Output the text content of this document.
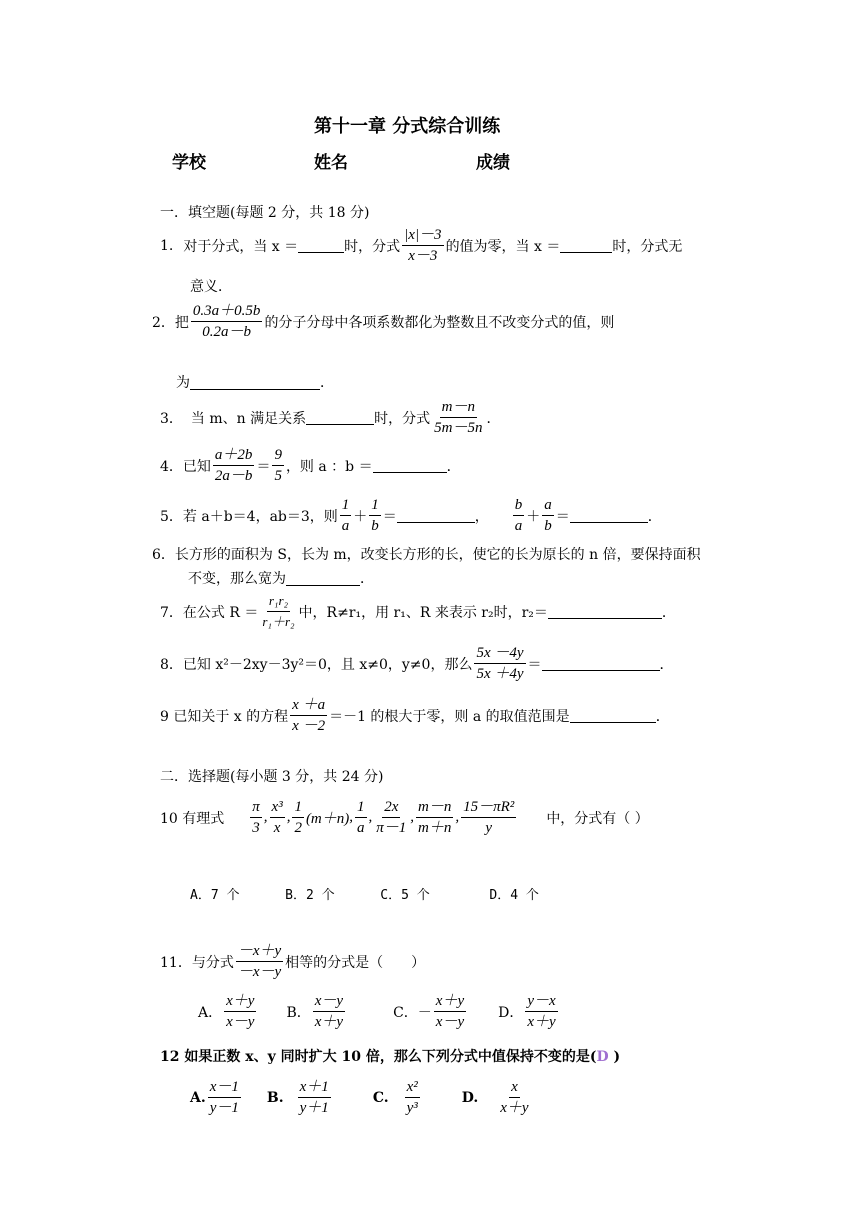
第十一章 分式综合训练
学校	姓名	成绩
一．填空题(每题 2 分，共 18 分)
1. 对于分式，当 x ＝	时，分式 $\frac{|x|-3}{x-3}$ 的值为零，当 x ＝	时，分式无
意义．
2．把 $\frac{0.3a+0.5b}{0.2a-b}$ 的分子分母中各项系数都化为整数且不改变分式的值，则
为	．
3． 当 m、n 满足关系	时，分式 $\frac{m-n}{5m-5n}$ ．
4．已知 $\frac{a+2b}{2a-b} = \frac{9}{5}$ ，则 a ：b ＝	．
5．若 a＋b＝4，ab＝3，则 $\frac{1}{a} + \frac{1}{b}$ ＝	， $\frac{b}{a} + \frac{a}{b}$ ＝	．
6．长方形的面积为 S，长为 m，改变长方形的长，使它的长为原长的 n 倍，要保持面积
不变，那么宽为	．
7．在公式 $R = \frac{\text{r₁r₂}}{\text{r₁＋r₂}}$ 中，R≠r₁，用 r₁、R 来表示 r₂时，r₂＝	．
8．已知 x²－2xy－3y²＝0，且 x≠0，y≠0，那么 $\frac{5x -4y}{5x +4y}$ ＝	．
9 已知关于 x 的方程 $\frac{x +a}{x -2} =-1$ 的根大于零，则 a 的取值范围是	．
二．选择题(每小题 3 分，共 24 分)
10 有理式 $\frac{\pi}{3}$ , $\frac{\text{x³}}{x}$ , $\frac{1}{2} (m+n)$ , $\frac{1}{a}$ , $\frac{2x}{\pi-1}$ , $\frac{m-n}{m+n}$ , $\frac{\text{15－πR²}}{y}$ 中，分式有（ ）
A．7 个	B．2 个	C．5 个	D．4 个
11．与分式 $\frac{-x+y}{-x-y}$ 相等的分式是（　　）
A． $\frac{x+y}{x-y}$ B． $\frac{x-y}{x+y}$	C．－ $\frac{x+y}{x-y}$ D． $\frac{y-x}{x+y}$
12 如果正数 x、y 同时扩大 10 倍，那么下列分式中值保持不变的是(D )
A. $\frac{x-1}{y-1} B$. $\frac{x+1}{y+1}$	C. $\frac{\text{x²}}{\text{y³}}$	D. $\frac{x}{x+y}$
